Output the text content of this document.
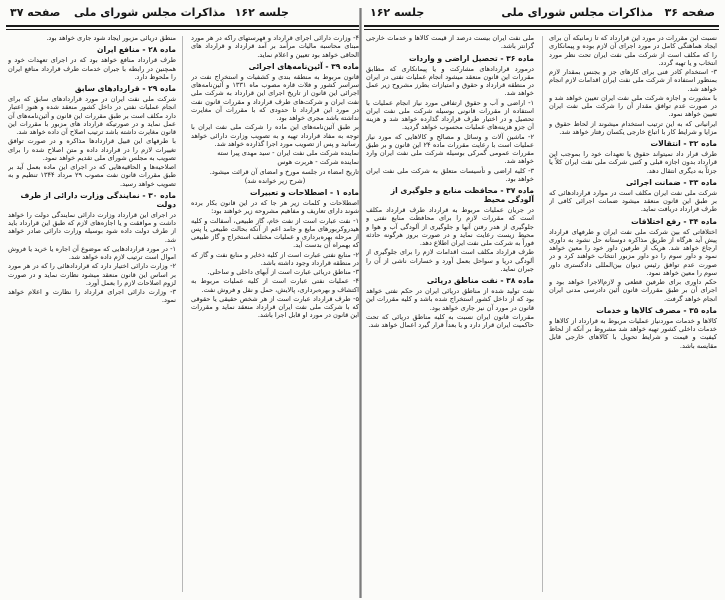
صفحه ۳۷ مذاکرات مجلس شورای ملی جلسه ۱۶۲

۴- وزارت دارائی اجرای قرارداد و فهرستهای راکه در هر مورد مبنای محاسبه مالیات مرآمد بر آمد قرارداد و قرارداد های الحاقی خواهد بود تعیین و اعلام نماید.

ماده ۳۹ - آئین‌نامه‌های اجرائی

قانون مربوط به منطقه بندی و کشفیات و استخراج نفت در سراسر کشور و فلات قاره مصوب ماه ۱۳۳۱ و آئین‌نامه‌های اجرائی این قانون از تاریخ اجرای این قرارداد به شرکت ملی نفت ایران و شرکت‌های طرف قرارداد و مقررات قانون نفت در مورد این قرارداد تا حدودی که با مقررات آن مغایرت نداشته باشد مجری خواهد بود.

بر طبق آئین‌نامه‌های این ماده را شرکت ملی نفت ایران با توجه به مفاد قرارداد تهیه و به تصویب وزارت دارائی خواهد رسانید و پس از تصویب مورد اجرا گذارده خواهد شد.

نماینده شرکت ملی نفت ایران - سید مهدی پیرا سته

نماینده شرکت - هربرت هوس

تاریخ امضاء در جلسه مورخ و امضای آن قرائت میشود.

(شرح زیر خوانده شد)

ماده ۱ - اصطلاحات و تعبیرات

اصطلاحات و کلمات زیر هر جا که در این قانون بکار برده شوند دارای تعاریف و مفاهیم مشروحه زیر خواهند بود:

۱- نفت عبارت است از نفت خام، گاز طبیعی، آسفالت و کلیه هیدروکربورهای مایع و جامد اعم از آنکه بحالت طبیعی یا پس از مرحله بهره‌برداری و عملیات مختلف استخراج و گاز طبیعی که بهمراه آن بدست آید.

۲- منابع نفتی عبارت است از کلیه ذخایر و منابع نفت و گاز که در منطقه قرارداد وجود داشته باشد.

۳- مناطق دریائی عبارت است از آبهای داخلی و ساحلی.

۴- عملیات نفتی عبارت است از کلیه عملیات مربوط به اکتشاف و بهره‌برداری، پالایش، حمل و نقل و فروش نفت.

۵- طرف قرارداد عبارت است از هر شخص حقیقی یا حقوقی که با شرکت ملی نفت ایران قرارداد منعقد نماید و مقررات این قانون در مورد او قابل اجرا باشد.

منطق دریائی مزبور ایجاد شود جاری خواهد بود.

ماده ۲۸ - منافع ایران

طرف قرارداد منافع خواهد بود که در اجرای تعهدات خود و همچنین در رابطه با جبران خدمات طرف قرارداد منافع ایران را ملحوظ دارد.

ماده ۲۹ - قراردادهای سابق

شرکت ملی نفت ایران در مورد قراردادهای سابق که برای انجام عملیات نفتی در داخل کشور منعقد شده و هنوز اعتبار دارد مکلف است بر طبق مقررات این قانون و آئین‌نامه‌های آن عمل نماید و در صورتیکه قرارداد های مزبور با مقررات این قانون مغایرت داشته باشد ترتیب اصلاح آن داده خواهد شد.

با طرفهای این قبیل قراردادها مذاکره و در صورت توافق تغییرات لازم را در قرارداد داده و متن اصلاح شده را برای تصویب به مجلس شورای ملی تقدیم خواهد نمود.

اصلاحیه‌ها و الحاقیه‌هایی که در اجرای این ماده بعمل آید بر طبق مقررات قانون نفت مصوب ۲۹ مرداد ۱۳۴۴ تنظیم و به تصویب خواهد رسید.

ماده ۳۰ - نمایندگی وزارت دارائی از طرف دولت

در اجرای این قرارداد وزارت دارائی نمایندگی دولت را خواهد داشت و موافقت و یا اجازه‌های لازم که طبق این قرارداد باید از طرف دولت داده شود بوسیله وزارت دارائی صادر خواهد شد.

۱- در مورد قراردادهایی که موضوع آن اجاره یا خرید یا فروش اموال است ترتیب لازم داده خواهد شد.

۲- وزارت دارائی اختیار دارد که قراردادهائی را که در هر مورد بر اساس این قانون منعقد میشود نظارت نماید و در صورت لزوم اصلاحات لازم را بعمل آورد.

۳- وزارت دارائی اجرای قرارداد را نظارت و اعلام خواهد نمود.

صفحه ۳۶
مذاکرات مجلس شورای ملی
جلسه ۱۶۲

نسبت این مقررات در مورد این قرارداد که تا زمانیکه آن برای ایجاد هماهنگی کامل در مورد اجرای آن لازم بوده و پیمانکاری را که مکلف است از شرکت ملی نفت ایران تحت نظر مورد انتخاب و یا تهیه گردد.

۳- استخدام کادر فنی برای کارهای جز و بجنس بمقدار لازم بمنظور استفاده از شرکت ملی نفت ایران اقدامات لازم انجام خواهد شد.

با مشورت و اجازه شرکت ملی نفت ایران تعیین خواهد شد و در صورت عدم توافق مقدار آن را شرکت ملی نفت ایران تعیین خواهد نمود.

ایرانیانی که به این ترتیب استخدام میشوند از لحاظ حقوق و مزایا و شرایط کار با اتباع خارجی یکسان رفتار خواهد شد.

ماده ۳۲ - انتقالات

طرف قرار داد نمیتواند حقوق یا تعهدات خود را بموجب این قرارداد بدون اجازه قبلی و کتبی شرکت ملی نفت ایران کلاً یا جزئاً به دیگری انتقال دهد.

ماده ۳۳ - ضمانت اجرائی

شرکت ملی نفت ایران مکلف است در موارد قراردادهائی که بر طبق این قانون منعقد میشود ضمانت اجرائی کافی از طرف قرارداد دریافت نماید.

ماده ۳۴ - رفع اختلافات

اختلافاتی که بین شرکت ملی نفت ایران و طرفهای قرارداد پیش آید هرگاه از طریق مذاکره دوستانه حل نشود به داوری ارجاع خواهد شد. هریک از طرفین داور خود را معین خواهد نمود و داور سوم را دو داور مزبور انتخاب خواهند کرد و در صورت عدم توافق رئیس دیوان بین‌المللی دادگستری داور سوم را معین خواهد نمود.

حکم داوری برای طرفین قطعی و لازم‌الاجرا خواهد بود و اجرای آن بر طبق مقررات قانون آئین دادرسی مدنی ایران انجام خواهد گرفت.

ماده ۳۵ - مصرف کالاها و خدمات

کالاها و خدمات موردنیاز عملیات مربوط به قرارداد از کالاها و خدمات داخلی کشور تهیه خواهد شد مشروط بر آنکه از لحاظ کیفیت و قیمت و شرایط تحویل با کالاهای خارجی قابل مقایسه باشد.

ملی نفت ایران بیست درصد از قیمت کالاها و خدمات خارجی گرانتر باشد.

ماده ۳۶ - تحصیل اراضی و واردات

درمورد قراردادهای مشارکت و یا پیمانکاری که مطابق مقررات این قانون منعقد میشود انجام عملیات نفتی در ایران در منطقه قرارداد و حقوق و امتیازات بطرز مشروح زیر عمل خواهد شد.

۱- اراضی و آب و حقوق ارتفاقی مورد نیاز انجام عملیات با استفاده از مقررات قانونی بوسیله شرکت ملی نفت ایران تحصیل و در اختیار طرف قرارداد گذارده خواهد شد و هزینه آن جزو هزینه‌های عملیات محسوب خواهد گردید.

۲- ماشین آلات و وسائل و مصالح و کالاهایی که مورد نیاز عملیات است با رعایت مقررات ماده ۲۴ این قانون و بر طبق مقررات عمومی گمرکی بوسیله شرکت ملی نفت ایران وارد خواهد شد.

۳- کلیه اراضی و تأسیسات متعلق به شرکت ملی نفت ایران خواهد بود.

ماده ۳۷ - محافظت منابع و جلوگیری از آلودگی محیط

در جریان عملیات مربوط به قرارداد طرف قرارداد مکلف است که مقررات لازم را برای محافظت منابع نفتی و جلوگیری از هدر رفتن آنها و جلوگیری از آلودگی آب و هوا و محیط زیست رعایت نماید و در صورت بروز هرگونه حادثه فوراً به شرکت ملی نفت ایران اطلاع دهد.

طرف قرارداد مکلف است اقدامات لازم را برای جلوگیری از آلودگی دریا و سواحل بعمل آورد و خسارات ناشی از آن را جبران نماید.

ماده ۳۸ - نفت مناطق دریائی

نفت تولید شده از مناطق دریائی ایران در حکم نفتی خواهد بود که از داخل کشور استخراج شده باشد و کلیه مقررات این قانون در مورد آن نیز جاری خواهد بود.

مقررات قانون ایران نسبت به کلیه مناطق دریائی که تحت حاکمیت ایران قرار دارد و یا بعداً قرار گیرد اعمال خواهد شد.
